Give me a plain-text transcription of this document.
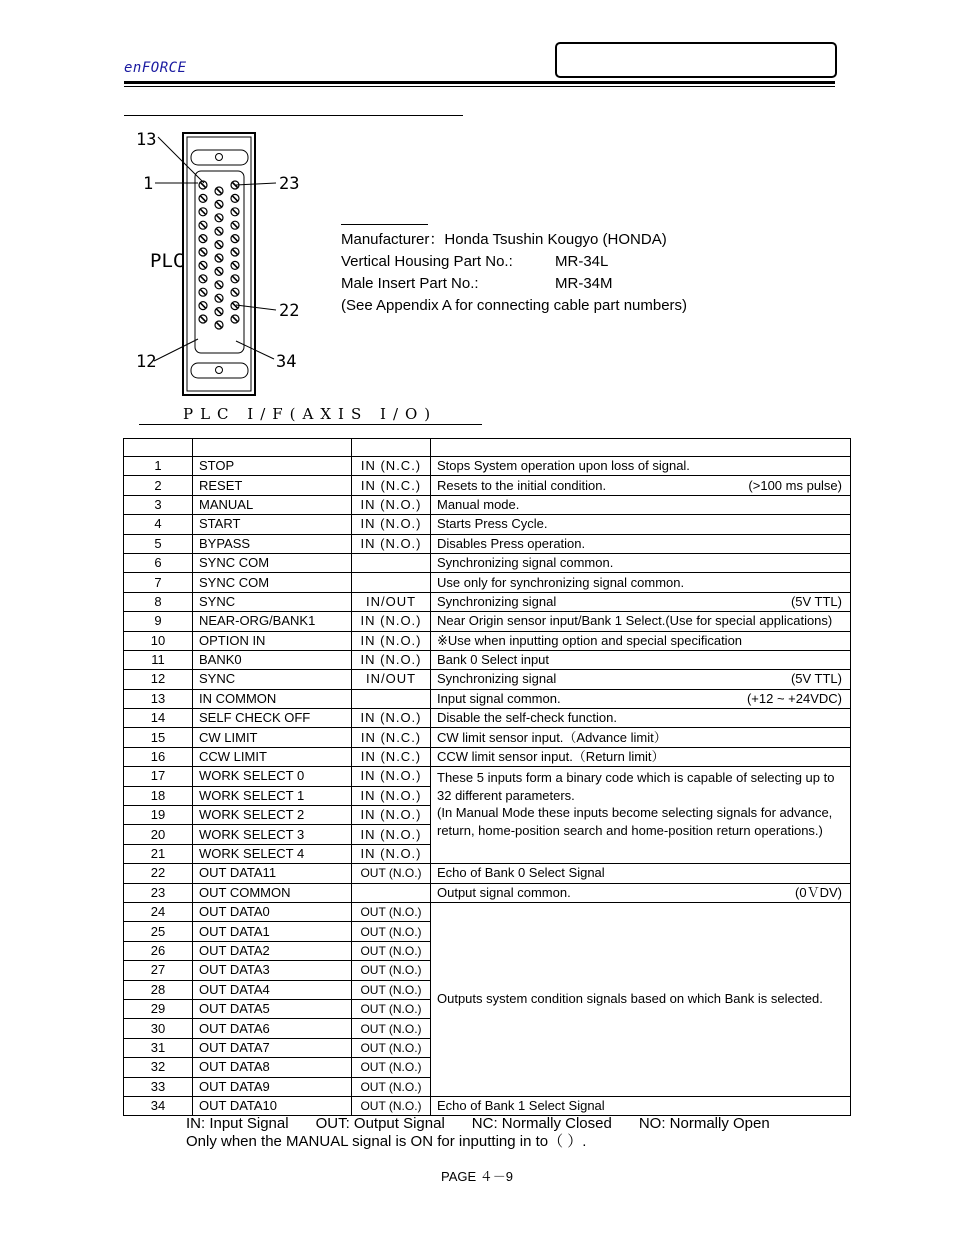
enFORCE
13
1	23
PLC
22
12	34
Manufacturer：Honda Tsushin Kougyo (HONDA)
Vertical Housing Part No.:	MR-34L
Male Insert Part No.:	MR-34M
(See Appendix A for connecting cable part numbers)
PLC I/F(AXIS I/O)

1	STOP	IN (N.C.)	Stops System operation upon loss of signal.
2	RESET	IN (N.C.)	Resets to the initial condition. (>100 ms pulse)

3	MANUAL	IN (N.O.)	Manual mode.
4	START	IN (N.O.)	Starts Press Cycle.
5	BYPASS	IN (N.O.)	Disables Press operation.
6	SYNC COM		Synchronizing signal common.
7	SYNC COM		Use only for synchronizing signal common.
8	SYNC	IN/OUT	Synchronizing signal (5V TTL)

9	NEAR-ORG/BANK1	IN (N.O.)	Near Origin sensor input/Bank 1 Select.(Use for special applications)
10	OPTION IN	IN (N.O.)	※Use when inputting option and special specification
11	BANK0	IN (N.O.)	Bank 0 Select input
12	SYNC	IN/OUT	Synchronizing signal (5V TTL)

13	IN COMMON		Input signal common. (+12 ~ +24VDC)

14	SELF CHECK OFF	IN (N.O.)	Disable the self-check function.
15	CW LIMIT	IN (N.C.)	CW limit sensor input.（Advance limit）
16	CCW LIMIT	IN (N.C.)	CCW limit sensor input.（Return limit）
17	WORK SELECT 0	IN (N.O.)	These 5 inputs form a binary code which is capable of selecting up to 32 different parameters.
(In Manual Mode these inputs become selecting signals for advance, return, home-position search and home-position return operations.)
18	WORK SELECT 1	IN (N.O.)	
19	WORK SELECT 2	IN (N.O.)	
20	WORK SELECT 3	IN (N.O.)	
21	WORK SELECT 4	IN (N.O.)	
22	OUT DATA11	OUT (N.O.)	Echo of Bank 0 Select Signal
23	OUT COMMON		Output signal common. (0ＶDV)

24	OUT DATA0	OUT (N.O.)	Outputs system condition signals based on which Bank is selected.
25	OUT DATA1	OUT (N.O.)	
26	OUT DATA2	OUT (N.O.)	
27	OUT DATA3	OUT (N.O.)	
28	OUT DATA4	OUT (N.O.)	
29	OUT DATA5	OUT (N.O.)	
30	OUT DATA6	OUT (N.O.)	
31	OUT DATA7	OUT (N.O.)	
32	OUT DATA8	OUT (N.O.)	
33	OUT DATA9	OUT (N.O.)	
34	OUT DATA10	OUT (N.O.)	Echo of Bank 1 Select Signal
IN: Input Signal OUT: Output Signal NC: Normally Closed NO: Normally Open
Only when the MANUAL signal is ON for inputting in to（ ）.
PAGE ４－9
